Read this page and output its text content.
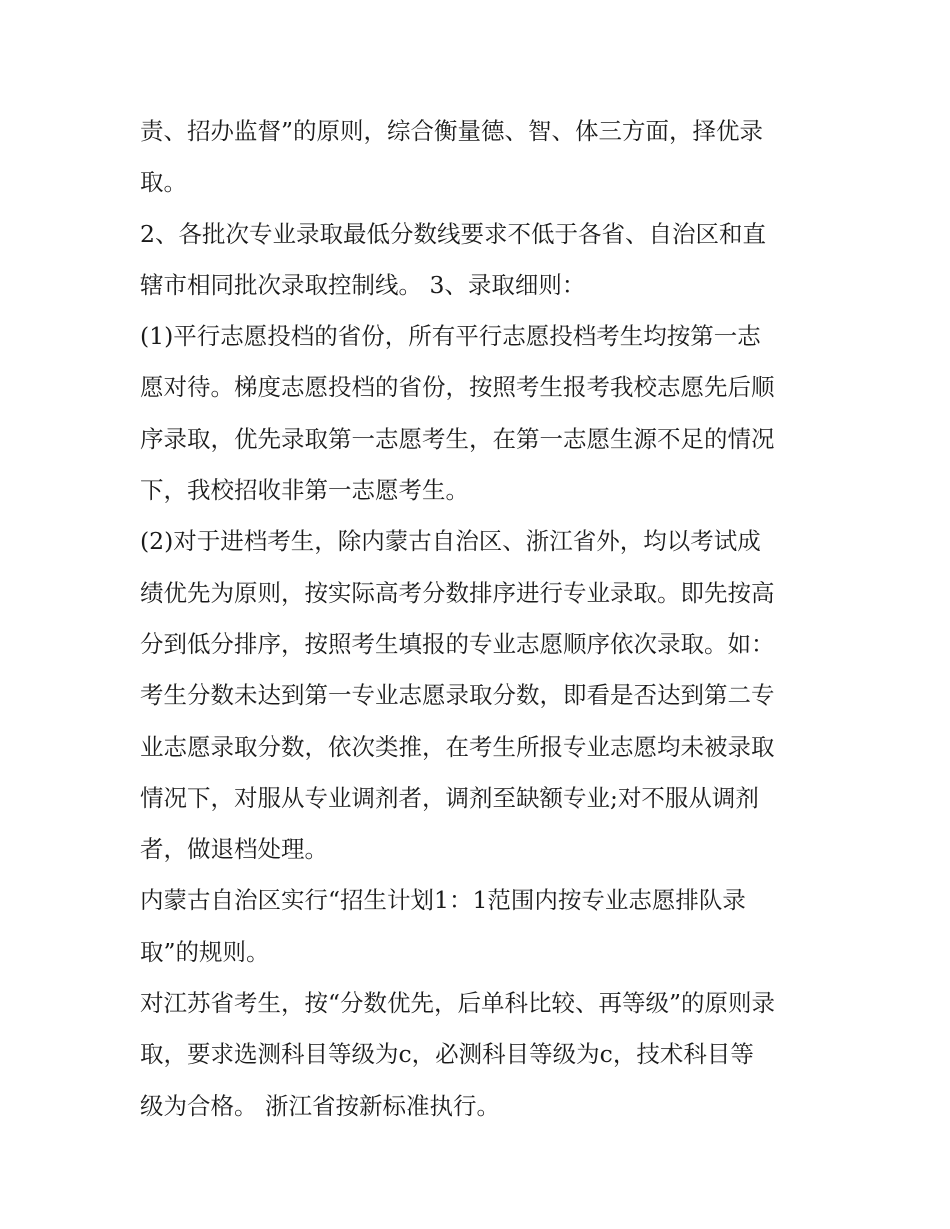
责、招办监督”的原则，综合衡量德、智、体三方面，择优录
取。
2、各批次专业录取最低分数线要求不低于各省、自治区和直
辖市相同批次录取控制线。 3、录取细则：
(1)平行志愿投档的省份，所有平行志愿投档考生均按第一志
愿对待。梯度志愿投档的省份，按照考生报考我校志愿先后顺
序录取，优先录取第一志愿考生，在第一志愿生源不足的情况
下，我校招收非第一志愿考生。
(2)对于进档考生，除内蒙古自治区、浙江省外，均以考试成
绩优先为原则，按实际高考分数排序进行专业录取。即先按高
分到低分排序，按照考生填报的专业志愿顺序依次录取。如：
考生分数未达到第一专业志愿录取分数，即看是否达到第二专
业志愿录取分数，依次类推，在考生所报专业志愿均未被录取
情况下，对服从专业调剂者，调剂至缺额专业;对不服从调剂
者，做退档处理。
内蒙古自治区实行“招生计划1：1范围内按专业志愿排队录
取”的规则。
对江苏省考生，按“分数优先，后单科比较、再等级”的原则录
取，要求选测科目等级为c，必测科目等级为c，技术科目等
级为合格。 浙江省按新标准执行。
